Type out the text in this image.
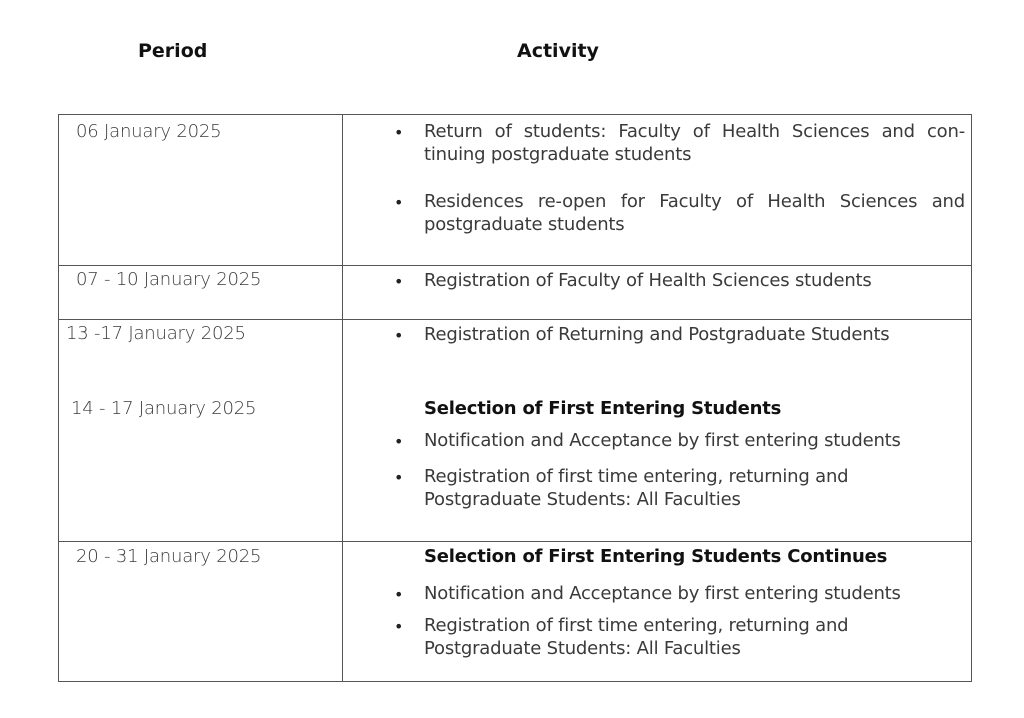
Period	Activity
06 January 2025	• Return of students: Faculty of Health Sciences and con-tinuing postgraduate students
• Residences re-open for Faculty of Health Sciences and postgraduate students
07 - 10 January 2025	• Registration of Faculty of Health Sciences students
13 -17 January 2025	• Registration of Returning and Postgraduate Students
14 - 17 January 2025	Selection of First Entering Students
• Notification and Acceptance by first entering students
• Registration of first time entering, returning and Postgraduate Students: All Faculties
20 - 31 January 2025	Selection of First Entering Students Continues
• Notification and Acceptance by first entering students
• Registration of first time entering, returning and Postgraduate Students: All Faculties
